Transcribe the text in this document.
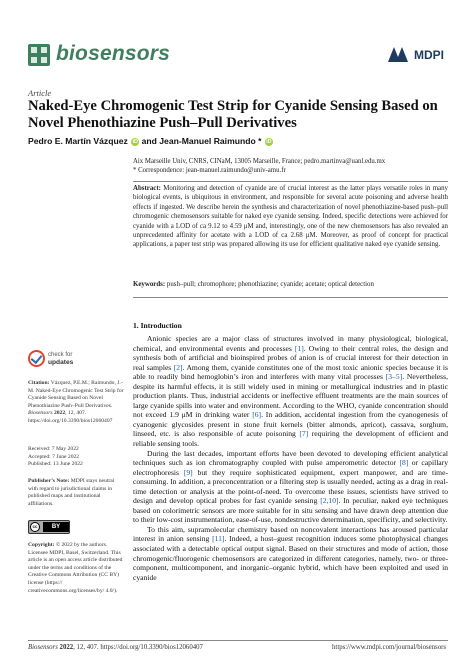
biosensors	MDPI
Article
Naked-Eye Chromogenic Test Strip for Cyanide Sensing Based on Novel Phenothiazine Push–Pull Derivatives
Pedro E. Martín Vázquez iD and Jean-Manuel Raimundo * iD
Aix Marseille Univ, CNRS, CINaM, 13005 Marseille, France; pedro.martinva@uanl.edu.mx
* Correspondence: jean-manuel.raimundo@univ-amu.fr
Abstract: Monitoring and detection of cyanide are of crucial interest as the latter plays versatile roles in many biological events, is ubiquitous in environment, and responsible for several acute poisoning and adverse health effects if ingested. We describe herein the synthesis and characterization of novel phenothiazine-based push–pull chromogenic chemosensors suitable for naked eye cyanide sensing. Indeed, specific detections were achieved for cyanide with a LOD of ca 9.12 to 4.59 μM and, interestingly, one of the new chemosensors has also revealed an unprecedented affinity for acetate with a LOD of ca 2.68 μM. Moreover, as proof of concept for practical applications, a paper test strip was prepared allowing its use for efficient qualitative naked eye cyanide sensing.
Keywords: push–pull; chromophore; phenothiazine; cyanide; acetate; optical detection
check for
updates
Citation: Vázquez, P.E.M.; Raimundo, J.-M. Naked-Eye Chromogenic Test Strip for Cyanide Sensing Based on Novel Phenothiazine Push–Pull Derivatives. Biosensors 2022, 12, 407. https://doi.org/10.3390/bios12060407
Received: 7 May 2022
Accepted: 7 June 2022
Published: 13 June 2022
Publisher’s Note: MDPI stays neutral with regard to jurisdictional claims in published maps and institutional affiliations.
cc	BY
Copyright: © 2022 by the authors. Licensee MDPI, Basel, Switzerland. This article is an open access article distributed under the terms and conditions of the Creative Commons Attribution (CC BY) license (https:// creativecommons.org/licenses/by/ 4.0/).
1. Introduction

Anionic species are a major class of structures involved in many physiological, biological, chemical, and environmental events and processes [1]. Owing to their central roles, the design and synthesis both of artificial and bioinspired probes of anion is of crucial interest for their detection in real samples [2]. Among them, cyanide constitutes one of the most toxic anionic species because it is able to readily bind hemoglobin’s iron and interferes with many vital processes [3–5]. Nevertheless, despite its harmful effects, it is still widely used in mining or metallurgical industries and in plastic production plants. Thus, industrial accidents or ineffective effluent treatments are the main sources of large cyanide spills into water and environment. According to the WHO, cyanide concentration should not exceed 1.9 μM in drinking water [6]. In addition, accidental ingestion from the cyanogenesis of cyanogenic glycosides present in stone fruit kernels (bitter almonds, apricot), cassava, sorghum, linseed, etc. is also responsible of acute poisoning [7] requiring the development of efficient and reliable sensing tools.

During the last decades, important efforts have been devoted to developing efficient analytical techniques such as ion chromatography coupled with pulse amperometric detector [8] or capillary electrophoresis [9] but they require sophisticated equipment, expert manpower, and are time-consuming. In addition, a preconcentration or a filtering step is usually needed, acting as a drag in real-time detection or analysis at the point-of-need. To overcome these issues, scientists have strived to design and develop optical probes for fast cyanide sensing [2,10]. In peculiar, naked eye techniques based on colorimetric sensors are more suitable for in situ sensing and have drawn deep attention due to their low-cost instrumentation, ease-of-use, nondestructive determination, specificity, and selectivity.

To this aim, supramolecular chemistry based on noncovalent interactions has aroused particular interest in anion sensing [11]. Indeed, a host–guest recognition induces some photophysical changes associated with a detectable optical output signal. Based on their structures and mode of action, those chromogenic/fluorogenic chemosensors are categorized in different categories, namely, two- or three-component, multicomponent, and inorganic–organic hybrid, which have been exploited and used in cyanide

Biosensors 2022, 12, 407. https://doi.org/10.3390/bios12060407	https://www.mdpi.com/journal/biosensors
